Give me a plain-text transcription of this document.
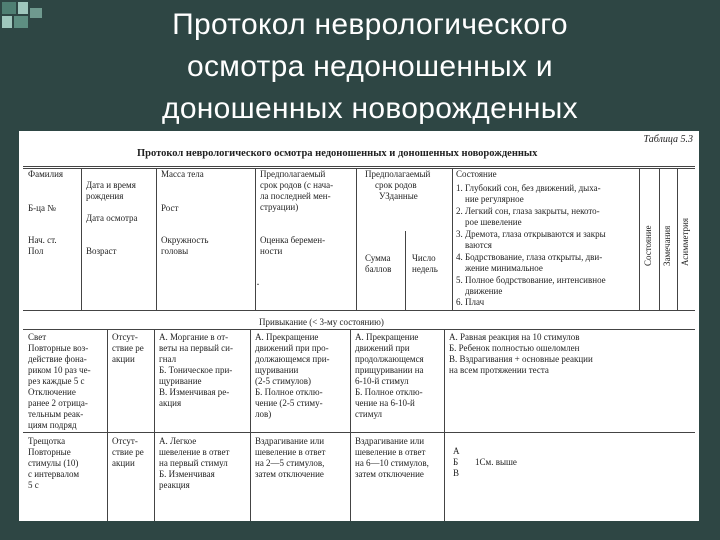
Протокол неврологического
осмотра недоношенных и
доношенных новорожденных
Таблица 5.3
Протокол неврологического осмотра недоношенных и доношенных новорожденных
Фамилия
Б-ца №
Нач. ст.
Пол
Дата и время
рождения
Дата осмотра
Возраст
Масса тела
Рост
Окружность
головы
Предполагаемый
срок родов (с нача-
ла последней мен-
струации)
Оценка беремен-
ности
·
Предполагаемый
срок родов
УЗданные
Сумма
баллов
Число
недель
Состояние
1. Глубокий сон, без движений, дыха-
ние регулярное
2. Легкий сон, глаза закрыты, некото-
рое шевеление
3. Дремота, глаза открываются и закры
ваются
4. Бодрствование, глаза открыты, дви-
жение минимальное
5. Полное бодрствование, интенсивное
движение
6. Плач
Состояние Замечания Асимметрия
Привыкание (< 3-му состоянию)
Свет
Повторные воз-
действие фона-
риком 10 раз че-
рез каждые 5 с
Отключение
ранее 2 отрица-
тельным реак-
циям подряд
Отсут-
ствие ре
акции
А. Моргание в от-
веты на первый си-
гнал
Б. Тоническое при-
щуривание
В. Изменчивая ре-
акция
А. Прекращение
движений при про-
должающемся при-
щуривании
(2-5 стимулов)
Б. Полное отклю-
чение (2-5 стиму-
лов)
А. Прекращение
движений при
продолжающемся
прищуривании на
6-10-й стимул
Б. Полное отклю-
чение на 6-10-й
стимул
А. Равная реакция на 10 стимулов
Б. Ребенок полностью ошеломлен
В. Вздрагивания + основные реакции
на всем протяжении теста
Трещотка
Повторные
стимулы (10)
с интервалом
5 с
Отсут-
ствие ре
акции
А. Легкое
шевеление в ответ
на первый стимул
Б. Изменчивая
реакция
Вздрагивание или
шевеление в ответ
на 2—5 стимулов,
затем отключение
Вздрагивание или
шевеление в ответ
на 6—10 стимулов,
затем отключение
А
Б
В
1См. выше
